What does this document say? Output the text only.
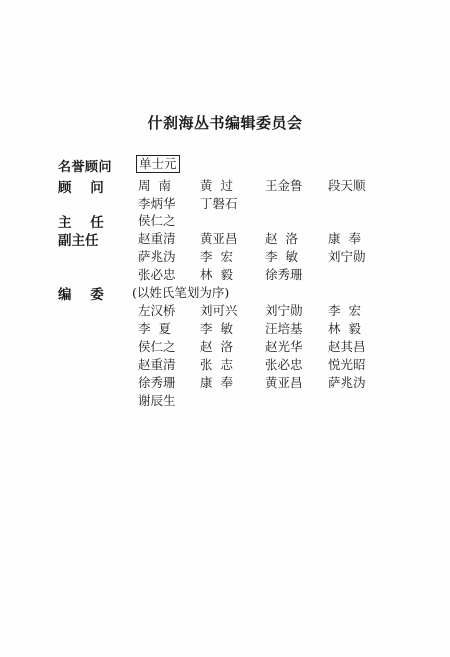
什刹海丛书编辑委员会
名誉顾问 单士元
顾    问	周  南 黄  过	王金鲁 段天顺
李炳华 丁磐石
主    任	侯仁之
副主任	赵重清 黄亚昌 赵  洛 康  奉
萨兆沩 李  宏	李  敏 刘宁勋
张必忠 林  毅	徐秀珊
编    委 (以姓氏笔划为序)
左汉桥 刘可兴 刘宁勋 李  宏
李  夏 李  敏	汪培基 林  毅
侯仁之 赵  洛	赵光华 赵其昌
赵重清 张  志	张必忠 悦光昭
徐秀珊 康  奉	黄亚昌 萨兆沩
谢辰生
